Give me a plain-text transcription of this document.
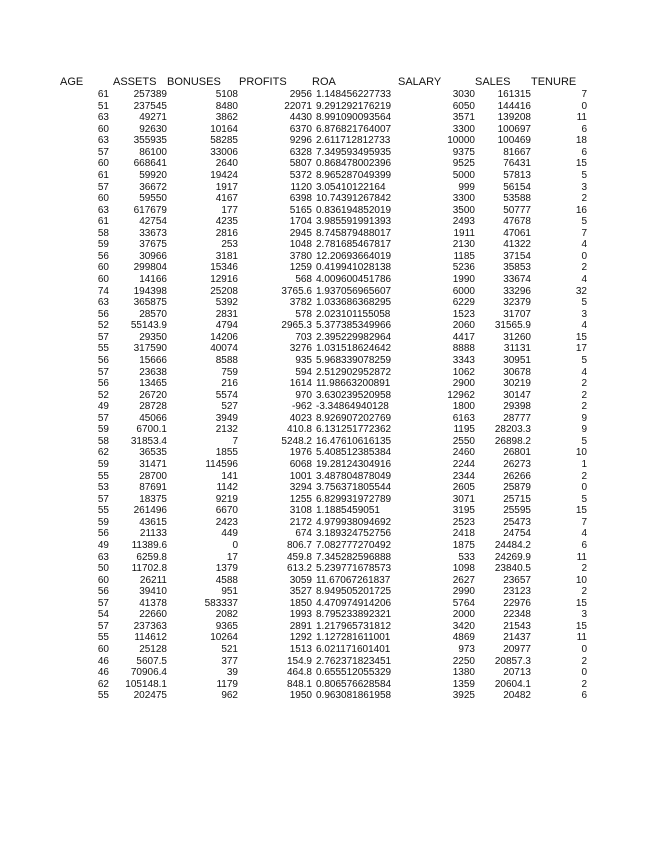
AGE	ASSETS	BONUSES	PROFITS	ROA	SALARY	SALES	TENURE
61	257389	5108	2956	1.148456227733	3030	161315	7
51	237545	8480	22071	9.291292176219	6050	144416	0
63	49271	3862	4430	8.991090093564	3571	139208	11
60	92630	10164	6370	6.876821764007	3300	100697	6
63	355935	58285	9296	2.611712812733	10000	100469	18
57	86100	33006	6328	7.349593495935	9375	81667	6
60	668641	2640	5807	0.868478002396	9525	76431	15
61	59920	19424	5372	8.965287049399	5000	57813	5
57	36672	1917	1120	3.05410122164	999	56154	3
60	59550	4167	6398	10.74391267842	3300	53588	2
63	617679	177	5165	0.836194852019	3500	50777	16
61	42754	4235	1704	3.985591991393	2493	47678	5
58	33673	2816	2945	8.745879488017	1911	47061	7
59	37675	253	1048	2.781685467817	2130	41322	4
56	30966	3181	3780	12.20693664019	1185	37154	0
60	299804	15346	1259	0.419941028138	5236	35853	2
60	14166	12916	568	4.009600451786	1990	33674	4
74	194398	25208	3765.6	1.937056965607	6000	33296	32
63	365875	5392	3782	1.033686368295	6229	32379	5
56	28570	2831	578	2.023101155058	1523	31707	3
52	55143.9	4794	2965.3	5.377385349966	2060	31565.9	4
57	29350	14206	703	2.395229982964	4417	31260	15
55	317590	40074	3276	1.031518624642	8888	31131	17
56	15666	8588	935	5.968339078259	3343	30951	5
57	23638	759	594	2.512902952872	1062	30678	4
56	13465	216	1614	11.98663200891	2900	30219	2
52	26720	5574	970	3.630239520958	12962	30147	2
49	28728	527	-962	-3.34864940128	1800	29398	2
57	45066	3949	4023	8.926907202769	6163	28777	9
59	6700.1	2132	410.8	6.131251772362	1195	28203.3	9
58	31853.4	7	5248.2	16.47610616135	2550	26898.2	5
62	36535	1855	1976	5.408512385384	2460	26801	10
59	31471	114596	6068	19.28124304916	2244	26273	1
55	28700	141	1001	3.487804878049	2344	26266	2
53	87691	1142	3294	3.756371805544	2605	25879	0
57	18375	9219	1255	6.829931972789	3071	25715	5
55	261496	6670	3108	1.1885459051	3195	25595	15
59	43615	2423	2172	4.979938094692	2523	25473	7
56	21133	449	674	3.189324752756	2418	24754	4
49	11389.6	0	806.7	7.082777270492	1875	24484.2	6
63	6259.8	17	459.8	7.345282596888	533	24269.9	11
50	11702.8	1379	613.2	5.239771678573	1098	23840.5	2
60	26211	4588	3059	11.67067261837	2627	23657	10
56	39410	951	3527	8.949505201725	2990	23123	2
57	41378	583337	1850	4.470974914206	5764	22976	15
54	22660	2082	1993	8.795233892321	2000	22348	3
57	237363	9365	2891	1.217965731812	3420	21543	15
55	114612	10264	1292	1.127281611001	4869	21437	11
60	25128	521	1513	6.021171601401	973	20977	0
46	5607.5	377	154.9	2.762371823451	2250	20857.3	2
46	70906.4	39	464.8	0.655512055329	1380	20713	0
62	105148.1	1179	848.1	0.806576628584	1359	20604.1	2
55	202475	962	1950	0.963081861958	3925	20482	6
